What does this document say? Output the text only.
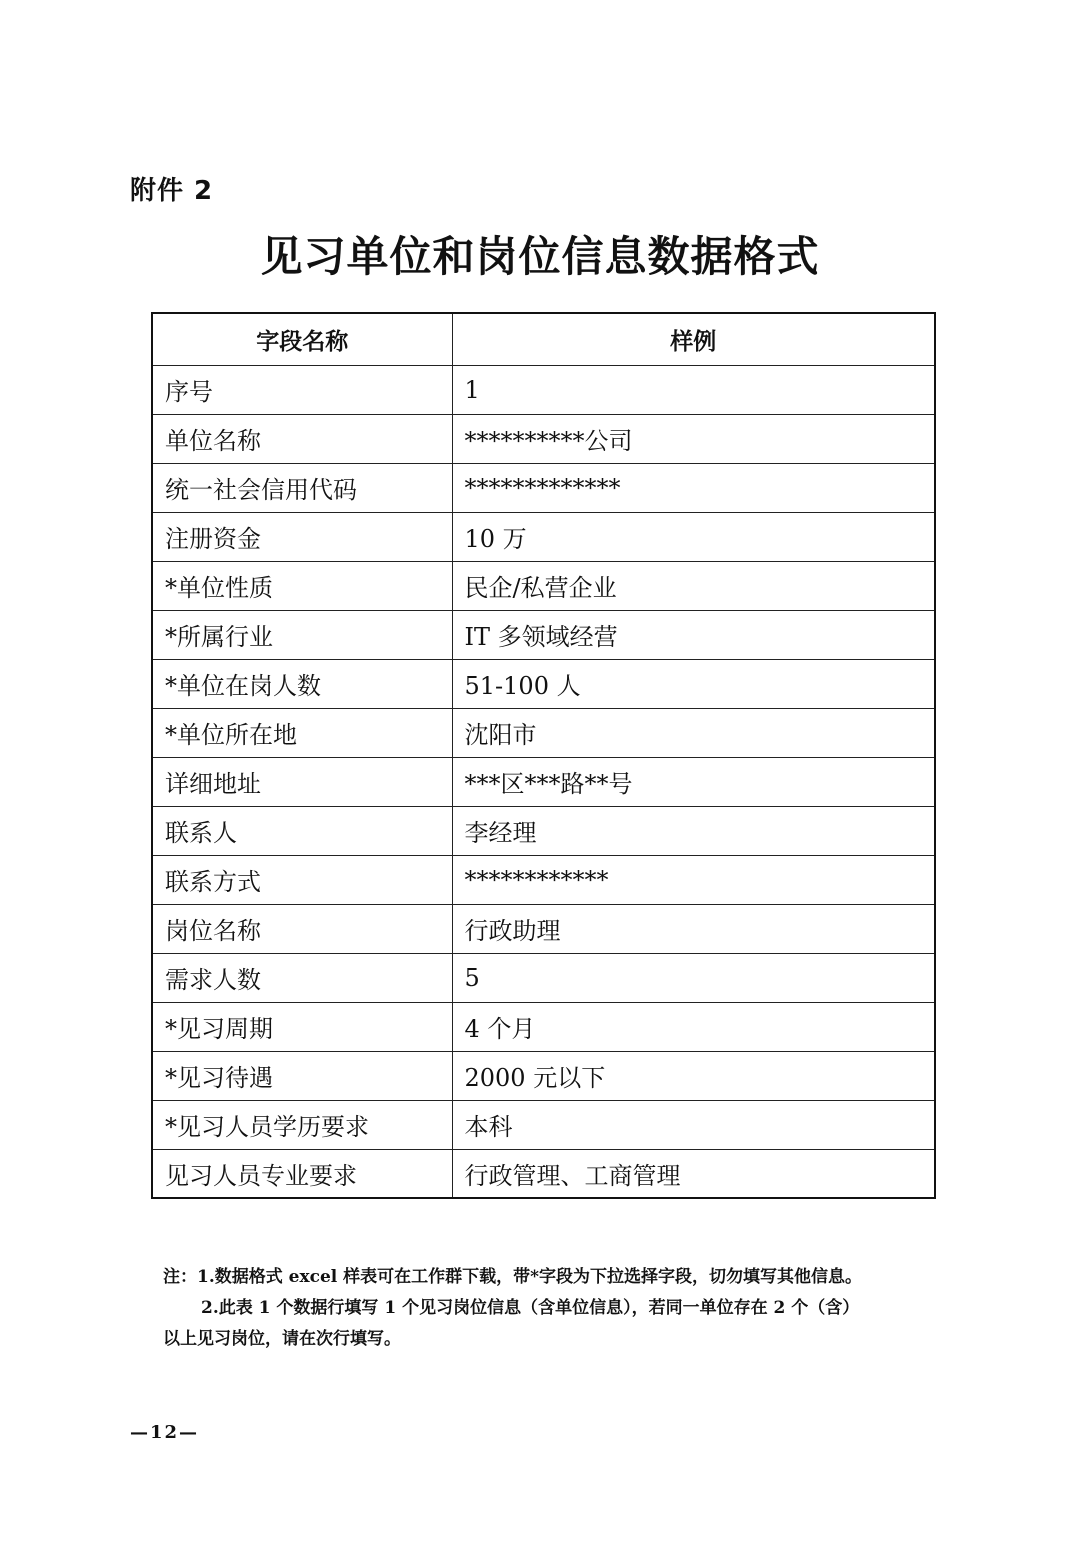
附件 2
见习单位和岗位信息数据格式
字段名称	样例
序号	1
单位名称	**********公司
统一社会信用代码	*************
注册资金	10 万
*单位性质	民企/私营企业
*所属行业	IT 多领域经营
*单位在岗人数	51-100 人
*单位所在地	沈阳市
详细地址	***区***路**号
联系人	李经理
联系方式	************
岗位名称	行政助理
需求人数	5
*见习周期	4 个月
*见习待遇	2000 元以下
*见习人员学历要求	本科
见习人员专业要求	行政管理、工商管理
注：1.数据格式 excel 样表可在工作群下载，带*字段为下拉选择字段，切勿填写其他信息。
2.此表 1 个数据行填写 1 个见习岗位信息（含单位信息），若同一单位存在 2 个（含）
以上见习岗位，请在次行填写。
—12—
